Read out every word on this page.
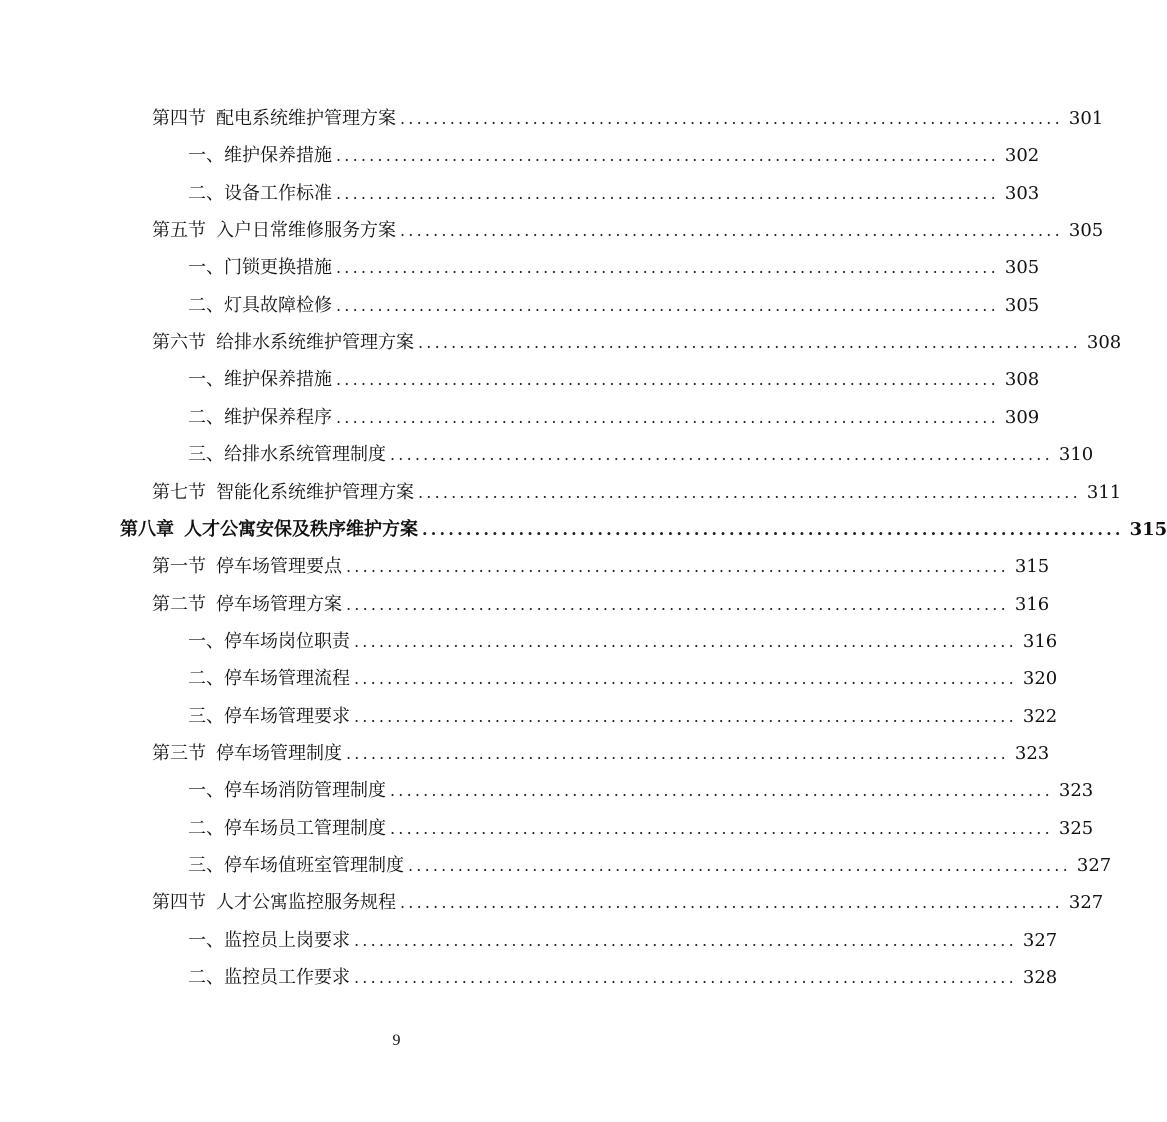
第四节 配电系统维护管理方案 ................................................................................ 301
一、维护保养措施 ................................................................................ 302
二、设备工作标准 ................................................................................ 303
第五节 入户日常维修服务方案 ................................................................................ 305
一、门锁更换措施 ................................................................................ 305
二、灯具故障检修 ................................................................................ 305
第六节 给排水系统维护管理方案 ................................................................................ 308
一、维护保养措施 ................................................................................ 308
二、维护保养程序 ................................................................................ 309
三、给排水系统管理制度 ................................................................................ 310
第七节 智能化系统维护管理方案 ................................................................................ 311
第八章 人才公寓安保及秩序维护方案 ................................................................................ 315
第一节 停车场管理要点 ................................................................................ 315
第二节 停车场管理方案 ................................................................................ 316
一、停车场岗位职责 ................................................................................ 316
二、停车场管理流程 ................................................................................ 320
三、停车场管理要求 ................................................................................ 322
第三节 停车场管理制度 ................................................................................ 323
一、停车场消防管理制度 ................................................................................ 323
二、停车场员工管理制度 ................................................................................ 325
三、停车场值班室管理制度 ................................................................................ 327
第四节 人才公寓监控服务规程 ................................................................................ 327
一、监控员上岗要求 ................................................................................ 327
二、监控员工作要求 ................................................................................ 328
9
